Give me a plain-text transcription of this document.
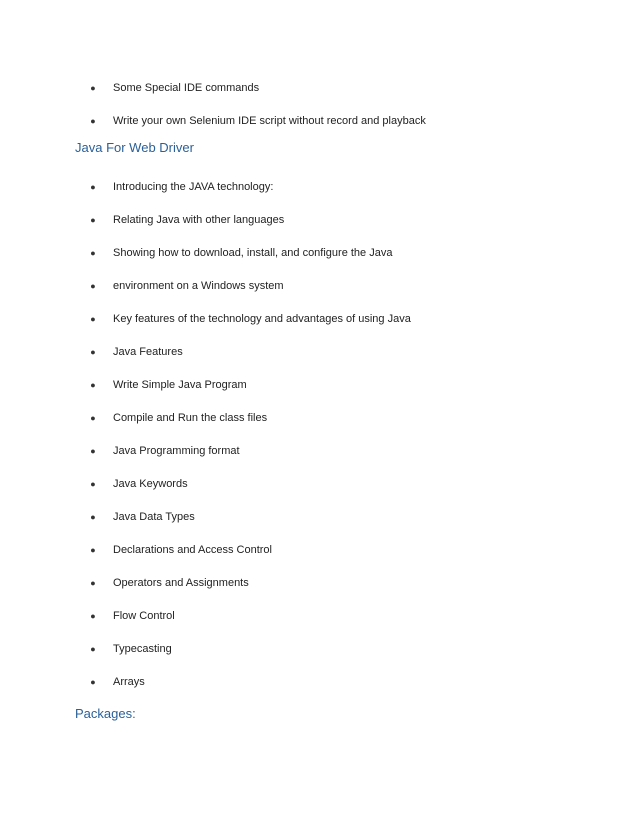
● Some Special IDE commands
● Write your own Selenium IDE script without record and playback
Java For Web Driver
● Introducing the JAVA technology:
● Relating Java with other languages
● Showing how to download, install, and configure the Java
● environment on a Windows system
● Key features of the technology and advantages of using Java
● Java Features
● Write Simple Java Program
● Compile and Run the class files
● Java Programming format
● Java Keywords
● Java Data Types
● Declarations and Access Control
● Operators and Assignments
● Flow Control
● Typecasting
● Arrays
Packages:
